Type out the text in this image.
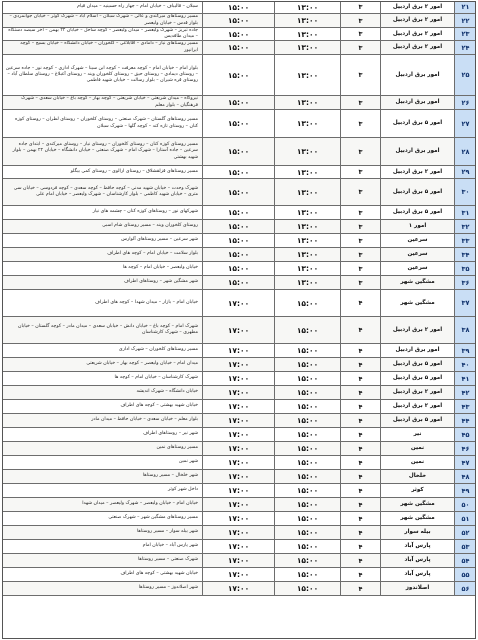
۲۱
امور ۲ برق اردبیل
۳
۱۳:۰۰
۱۵:۰۰
سبلان – قالیباف – خیابان امام – جهار راه حسینیه – میدان قیام
۲۲
امور ۲ برق اردبیل
۳
۱۳:۰۰
۱۵:۰۰
مسیر روستاهای میرکندی و عالی – شهرک سبلان – اسلام آباد – شهرک کوثر – خیابان جوانمردی – بلوار قدس – خیابان ولیعصر
۲۳
امور ۲ برق اردبیل
۳
۱۳:۰۰
۱۵:۰۰
جاده تبریز – شهرک ولیعصر – میدان ولیعصر – کوچه ساحل – خیابان ۲۲ بهمن – آخر سیصد دستگاه – میدان طاقدیس
۲۴
امور ۲ برق اردبیل
۳
۱۳:۰۰
۱۵:۰۰
مسیر روستاهای نیار – دامادی – آقابلاغی – کلخوران – خیابان دانشگاه – خیابان بسیج – کوچه ایرانپور
۲۵
امور برق اردبیل
۳
۱۳:۰۰
۱۵:۰۰
بلوار امام – خیابان امام – کوچه معرفت – کوچه ابن سینا – شهرک اداری – کوچه نور – جاده سرعین – روستای دیمادی – روستای حیق – روستای کلخوران ویند – روستای آغبلاغ – روستای سلطان آباد – روستای قره شیران – بلوار رسالت – خیابان شهید فاطمی
۲۶
امور برق اردبیل
۳
۱۳:۰۰
۱۵:۰۰
نیروگاه – میدان شریعتی – خیابان شریعتی – کوچه بهار – کوچه باغ – خیابان سعدی – شهرک فرهنگیان – بلوار معلم
۲۷
امور ۵ برق اردبیل
۳
۱۳:۰۰
۱۵:۰۰
مسیر روستاهای گلستان – شهرک صنعتی – روستای کلخوران – روستای لطران – روستای کوزه کنان – روستای تازه کند – کوچه گلها – شهرک سبلان
۲۸
امور برق اردبیل
۳
۱۳:۰۰
۱۵:۰۰
مسیر روستای کوزه کنان – روستای کلخوران – روستای نیار – روستای میرکندی – ابتدای جاده سرعین – جاده آستارا – شهرک امام – شهرک صنعتی – خیابان دانشگاه – خیابان ۲۲ بهمن – بلوار شهید بهشتی
۲۹
امور ۲ برق اردبیل
۳
۱۳:۰۰
۱۵:۰۰
مسیر روستاهای قزلقشلاق – روستای ارالوی – روستای کمی بیگلو
۳۰
امور ۵ برق اردبیل
۳
۱۳:۰۰
۱۵:۰۰
شهرک وحدت – خیابان شهید مدنی – کوچه حافظ – کوچه سعدی – کوچه فردوسی – خیابان سی متری – خیابان شهید کاظمی – بلوار کارشناسان – شهرک ولیعصر – خیابان امام علی
۳۱
امور ۵ برق اردبیل
۳
۱۳:۰۰
۱۵:۰۰
شهرکهای نور – روستاهای کوزه کنان – چشمه های نیار
۳۲
امور ۱
۳
۱۳:۰۰
۱۵:۰۰
روستای کلخوران ویند – مسیر روستای شام اسبی
۳۳
سرعین
۳
۱۳:۰۰
۱۵:۰۰
شهر سرعین – مسیر روستاهای آلوارس
۳۴
سرعین
۳
۱۳:۰۰
۱۵:۰۰
بلوار سلامت – خیابان امام – کوچه های اطراف
۳۵
سرعین
۳
۱۳:۰۰
۱۵:۰۰
خیابان ولیعصر – خیابان امام – کوچه ها
۳۶
مشگین شهر
۳
۱۳:۰۰
۱۵:۰۰
شهر مشگین شهر – روستاهای اطراف
۳۷
مشگین شهر
۴
۱۵:۰۰
۱۷:۰۰
خیابان امام – بازار – میدان شهدا – کوچه های اطراف
۳۸
امور ۲ برق اردبیل
۴
۱۵:۰۰
۱۷:۰۰
شهرک امام – کوچه باغ – خیابان دانش – خیابان سعدی – میدان مادر – کوچه گلستان – خیابان مطهری – شهرک کارشناسان
۳۹
امور برق اردبیل
۴
۱۵:۰۰
۱۷:۰۰
مسیر روستاهای کلخوران – شهرک اداری
۴۰
امور ۵ برق اردبیل
۴
۱۵:۰۰
۱۷:۰۰
میدان امام – خیابان ولیعصر – کوچه بهار – خیابان شریعتی
۴۱
امور ۵ برق اردبیل
۴
۱۵:۰۰
۱۷:۰۰
شهرک کارشناسان – خیابان امام – کوچه ها
۴۲
امور ۲ برق اردبیل
۴
۱۵:۰۰
۱۷:۰۰
خیابان دانشگاه – شهرک اندیشه
۴۳
امور ۲ برق اردبیل
۴
۱۵:۰۰
۱۷:۰۰
خیابان شهید بهشتی – کوچه های اطراف
۴۴
امور ۵ برق اردبیل
۴
۱۵:۰۰
۱۷:۰۰
بلوار معلم – خیابان سعدی – خیابان حافظ – میدان مادر
۴۵
نیر
۴
۱۵:۰۰
۱۷:۰۰
شهر نیر – روستاهای اطراف
۴۶
نمین
۴
۱۵:۰۰
۱۷:۰۰
مسیر روستاهای نمین
۴۷
نمین
۴
۱۵:۰۰
۱۷:۰۰
شهر نمین
۴۸
خلخال
۴
۱۵:۰۰
۱۷:۰۰
شهر خلخال – مسیر روستاها
۴۹
کوثر
۴
۱۵:۰۰
۱۷:۰۰
داخل شهر کوثر
۵۰
مشگین شهر
۴
۱۵:۰۰
۱۷:۰۰
خیابان امام – خیابان ولیعصر – شهرک ولیعصر – میدان شهدا
۵۱
مشگین شهر
۴
۱۵:۰۰
۱۷:۰۰
مسیر روستاهای مشگین شهر – شهرک صنعتی
۵۲
بیله سوار
۴
۱۵:۰۰
۱۷:۰۰
شهر بیله سوار – مسیر روستاها
۵۳
پارس آباد
۴
۱۵:۰۰
۱۷:۰۰
شهر پارس آباد – خیابان امام
۵۴
پارس آباد
۴
۱۵:۰۰
۱۷:۰۰
شهرک صنعتی – مسیر روستاها
۵۵
پارس آباد
۴
۱۵:۰۰
۱۷:۰۰
خیابان شهید بهشتی – کوچه های اطراف
۵۶
اصلاندوز
۴
۱۵:۰۰
۱۷:۰۰
شهر اصلاندوز – مسیر روستاها
